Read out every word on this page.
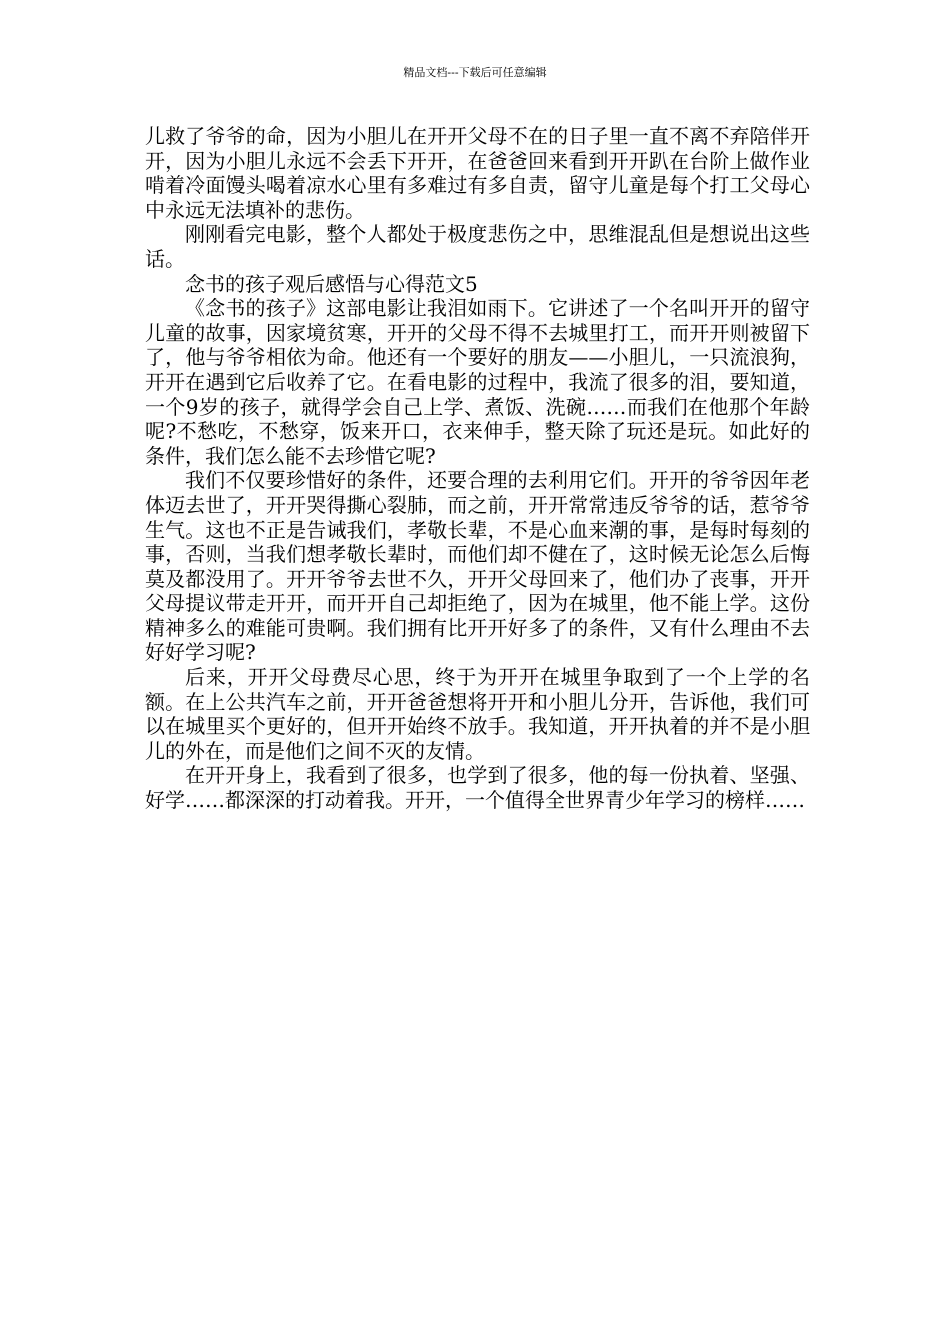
精品文档---下载后可任意编辑

儿救了爷爷的命，因为小胆儿在开开父母不在的日子里一直不离不弃陪伴开开，因为小胆儿永远不会丢下开开，在爸爸回来看到开开趴在台阶上做作业啃着冷面馒头喝着凉水心里有多难过有多自责，留守儿童是每个打工父母心中永远无法填补的悲伤。

刚刚看完电影，整个人都处于极度悲伤之中，思维混乱但是想说出这些话。

念书的孩子观后感悟与心得范文5

《念书的孩子》这部电影让我泪如雨下。它讲述了一个名叫开开的留守儿童的故事，因家境贫寒，开开的父母不得不去城里打工，而开开则被留下了，他与爷爷相依为命。他还有一个要好的朋友——小胆儿，一只流浪狗，开开在遇到它后收养了它。在看电影的过程中，我流了很多的泪，要知道，一个9岁的孩子，就得学会自己上学、煮饭、洗碗……而我们在他那个年龄呢?不愁吃，不愁穿，饭来开口，衣来伸手，整天除了玩还是玩。如此好的条件，我们怎么能不去珍惜它呢?

我们不仅要珍惜好的条件，还要合理的去利用它们。开开的爷爷因年老体迈去世了，开开哭得撕心裂肺，而之前，开开常常违反爷爷的话，惹爷爷生气。这也不正是告诫我们，孝敬长辈，不是心血来潮的事，是每时每刻的事，否则，当我们想孝敬长辈时，而他们却不健在了，这时候无论怎么后悔莫及都没用了。开开爷爷去世不久，开开父母回来了，他们办了丧事，开开父母提议带走开开，而开开自己却拒绝了，因为在城里，他不能上学。这份精神多么的难能可贵啊。我们拥有比开开好多了的条件，又有什么理由不去好好学习呢?

后来，开开父母费尽心思，终于为开开在城里争取到了一个上学的名额。在上公共汽车之前，开开爸爸想将开开和小胆儿分开，告诉他，我们可以在城里买个更好的，但开开始终不放手。我知道，开开执着的并不是小胆儿的外在，而是他们之间不灭的友情。

在开开身上，我看到了很多，也学到了很多，他的每一份执着、坚强、好学……都深深的打动着我。开开，一个值得全世界青少年学习的榜样……
